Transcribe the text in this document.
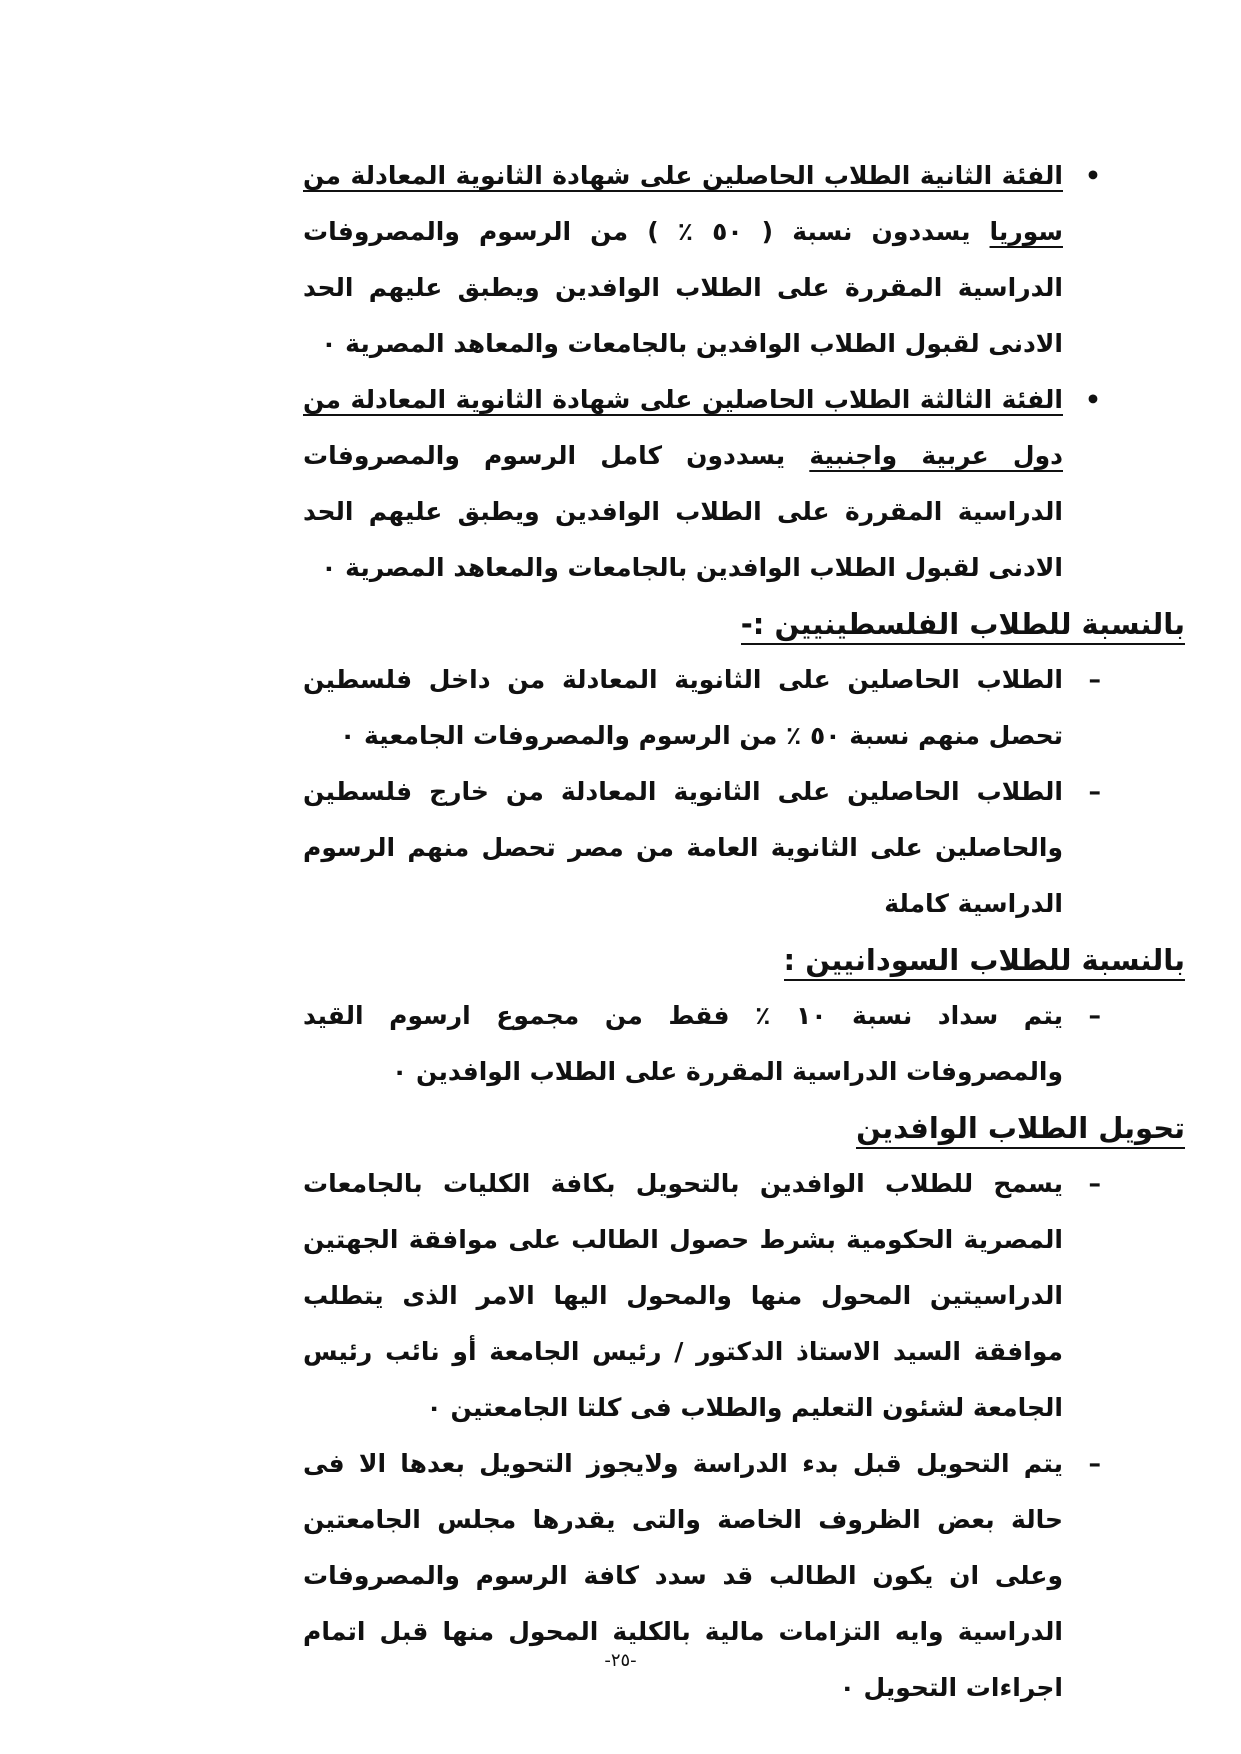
•
الفئة الثانية الطلاب الحاصلين على شهادة الثانوية المعادلة من سوريا يسددون نسبة ( ٥٠ ٪ ) من الرسوم والمصروفات الدراسية المقررة على الطلاب الوافدين ويطبق عليهم الحد الادنى لقبول الطلاب الوافدين بالجامعات والمعاهد المصرية ٠

•
الفئة الثالثة الطلاب الحاصلين على شهادة الثانوية المعادلة من دول عربية واجنبية يسددون كامل الرسوم والمصروفات الدراسية المقررة على الطلاب الوافدين ويطبق عليهم الحد الادنى لقبول الطلاب الوافدين بالجامعات والمعاهد المصرية ٠

بالنسبة للطلاب الفلسطينيين :-

–
الطلاب الحاصلين على الثانوية المعادلة من داخل فلسطين تحصل منهم نسبة ٥٠ ٪ من الرسوم والمصروفات الجامعية ٠

–
الطلاب الحاصلين على الثانوية المعادلة من خارج فلسطين والحاصلين على الثانوية العامة من مصر تحصل منهم الرسوم الدراسية كاملة

بالنسبة للطلاب السودانيين :

–
يتم سداد نسبة ١٠ ٪ فقط من مجموع ارسوم القيد والمصروفات الدراسية المقررة على الطلاب الوافدين ٠

تحويل الطلاب الوافدين

–
يسمح للطلاب الوافدين بالتحويل بكافة الكليات بالجامعات المصرية الحكومية بشرط حصول الطالب على موافقة الجهتين الدراسيتين المحول منها والمحول اليها الامر الذى يتطلب موافقة السيد الاستاذ الدكتور / رئيس الجامعة أو نائب رئيس الجامعة لشئون التعليم والطلاب فى كلتا الجامعتين ٠

–
يتم التحويل قبل بدء الدراسة ولايجوز التحويل بعدها الا فى حالة بعض الظروف الخاصة والتى يقدرها مجلس الجامعتين وعلى ان يكون الطالب قد سدد كافة الرسوم والمصروفات الدراسية وايه التزامات مالية بالكلية المحول منها قبل اتمام اجراءات التحويل ٠

-٢٥-
